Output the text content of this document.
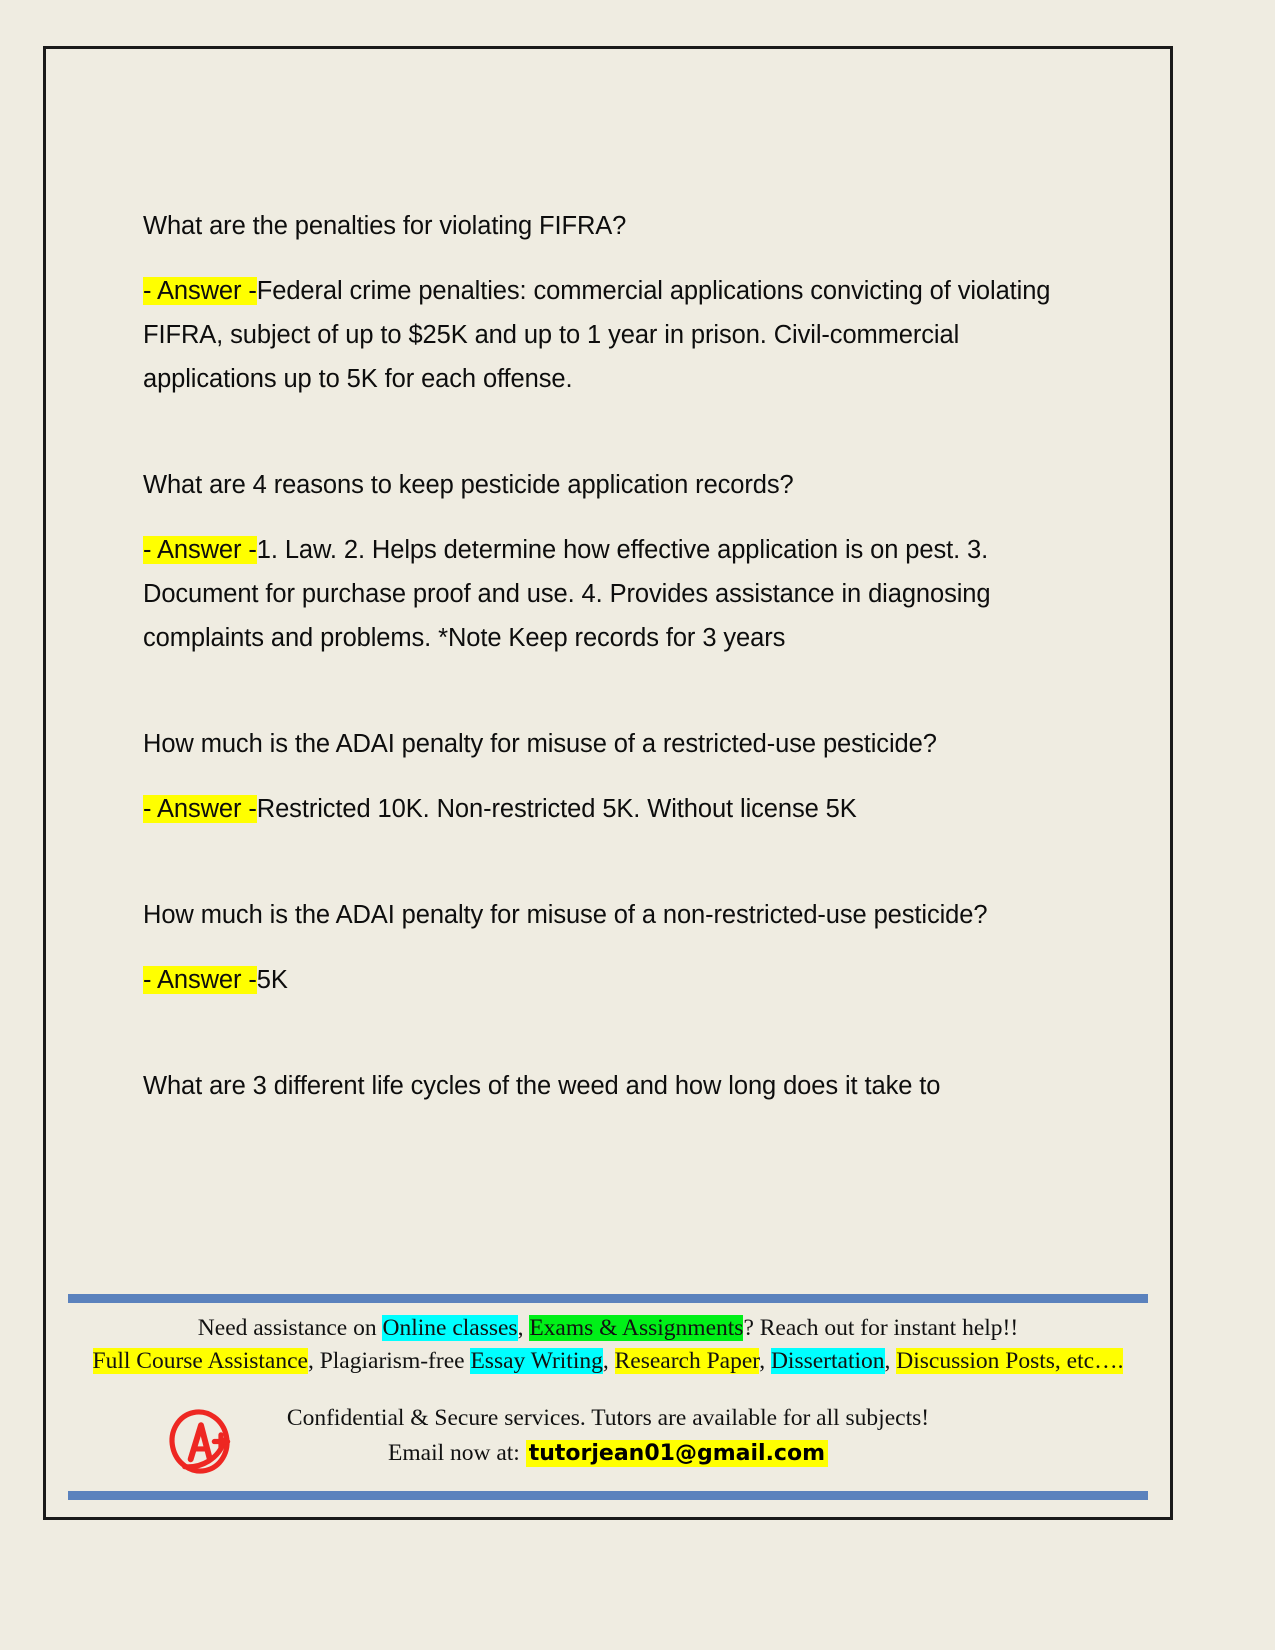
What are the penalties for violating FIFRA?

- Answer -Federal crime penalties: commercial applications convicting of violating FIFRA, subject of up to $25K and up to 1 year in prison. Civil-commercial applications up to 5K for each offense.

What are 4 reasons to keep pesticide application records?

- Answer -1. Law. 2. Helps determine how effective application is on pest. 3. Document for purchase proof and use. 4. Provides assistance in diagnosing complaints and problems. *Note Keep records for 3 years

How much is the ADAI penalty for misuse of a restricted-use pesticide?

- Answer -Restricted 10K. Non-restricted 5K. Without license 5K

How much is the ADAI penalty for misuse of a non-restricted-use pesticide?

- Answer -5K

What are 3 different life cycles of the weed and how long does it take to

Need assistance on Online classes, Exams & Assignments? Reach out for instant help!!
Full Course Assistance, Plagiarism-free Essay Writing, Research Paper, Dissertation, Discussion Posts, etc….
Confidential & Secure services. Tutors are available for all subjects!
Email now at: tutorjean01@gmail.com
